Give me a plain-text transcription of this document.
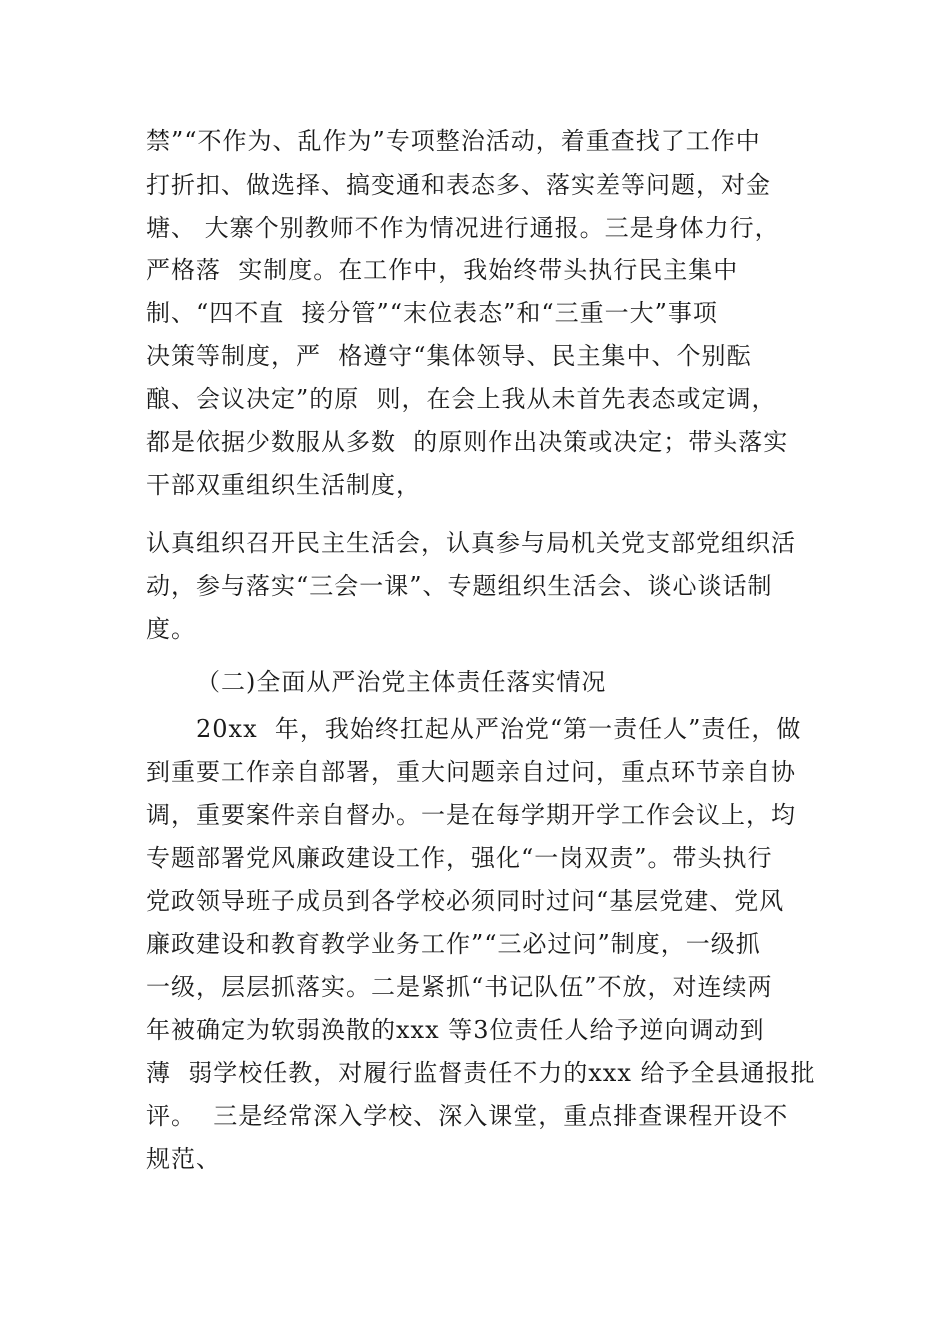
禁”“不作为、乱作为”专项整治活动，着重查找了工作中
打折扣、做选择、搞变通和表态多、落实差等问题，对金
塘、 大寨个别教师不作为情况进行通报。三是身体力行，
严格落  实制度。在工作中，我始终带头执行民主集中
制、“四不直  接分管”“末位表态”和“三重一大”事项
决策等制度，严  格遵守“集体领导、民主集中、个别酝
酿、会议决定”的原  则，在会上我从未首先表态或定调，
都是依据少数服从多数  的原则作出决策或决定；带头落实
干部双重组织生活制度，
认真组织召开民主生活会，认真参与局机关党支部党组织活
动，参与落实“三会一课”、专题组织生活会、谈心谈话制
度。
（二)全面从严治党主体责任落实情况
20xx  年，我始终扛起从严治党“第一责任人”责任，做
到重要工作亲自部署，重大问题亲自过问，重点环节亲自协
调，重要案件亲自督办。一是在每学期开学工作会议上，均
专题部署党风廉政建设工作，强化“一岗双责”。带头执行
党政领导班子成员到各学校必须同时过问“基层党建、党风
廉政建设和教育教学业务工作”“三必过问”制度，一级抓
一级，层层抓落实。二是紧抓“书记队伍”不放，对连续两
年被确定为软弱涣散的xxx 等3位责任人给予逆向调动到
薄  弱学校任教，对履行监督责任不力的xxx 给予全县通报批
评。  三是经常深入学校、深入课堂，重点排查课程开设不
规范、
